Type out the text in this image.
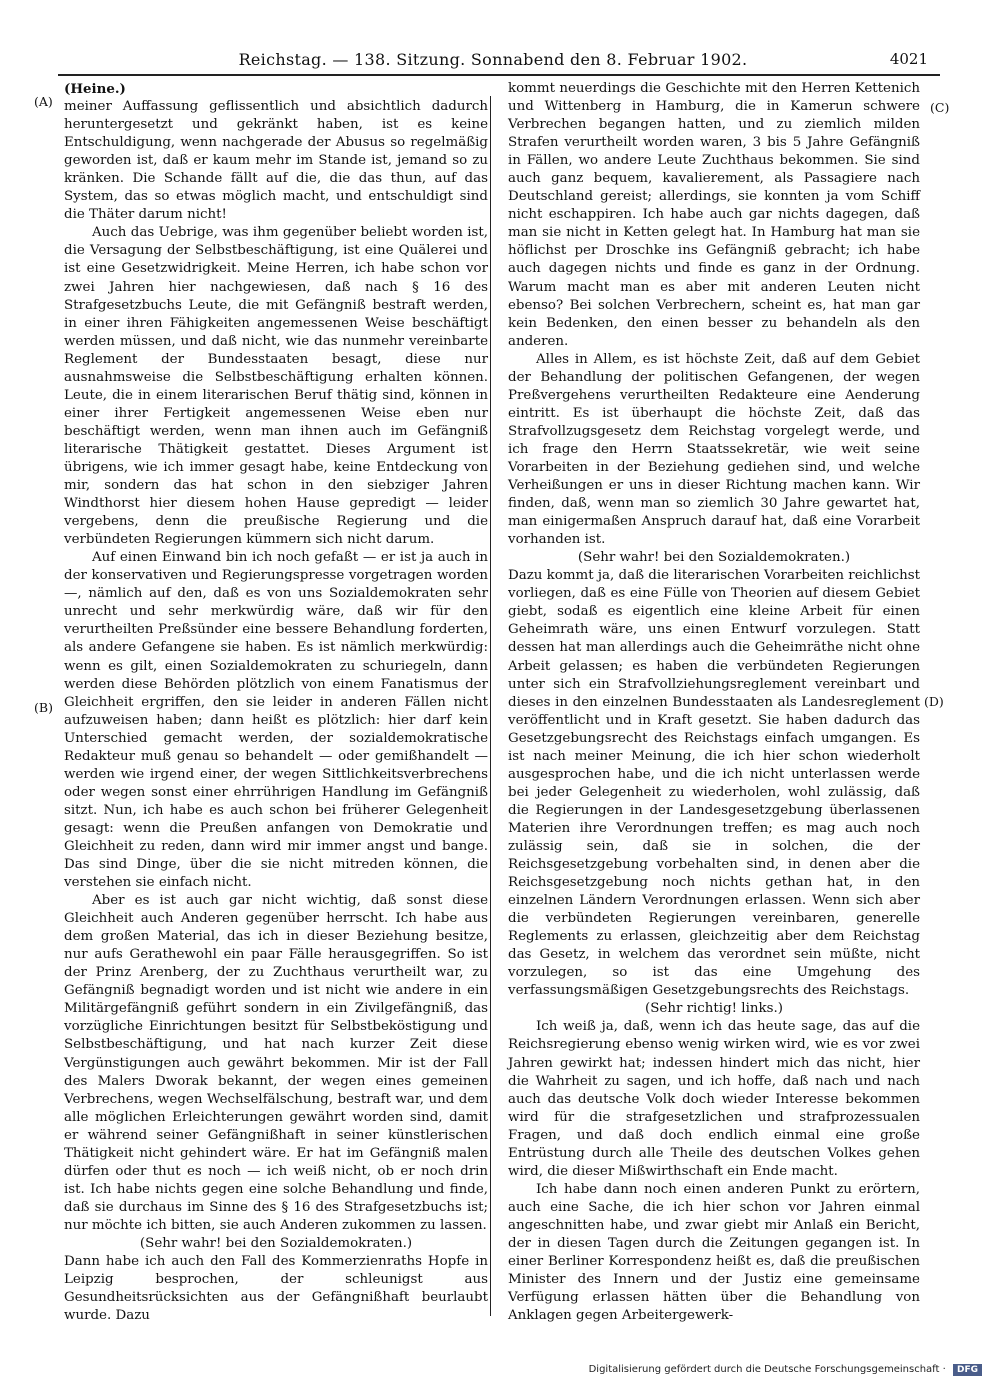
Reichstag. — 138. Sitzung. Sonnabend den 8. Februar 1902.	4021
(A)
(B)
(C)
(D)

(Heine.)

meiner Auffassung geflissentlich und absichtlich dadurch heruntergesetzt und gekränkt haben, ist es keine Entschuldigung, wenn nachgerade der Abusus so regelmäßig geworden ist, daß er kaum mehr im Stande ist, jemand so zu kränken. Die Schande fällt auf die, die das thun, auf das System, das so etwas möglich macht, und entschuldigt sind die Thäter darum nicht!

Auch das Uebrige, was ihm gegenüber beliebt worden ist, die Versagung der Selbstbeschäftigung, ist eine Quälerei und ist eine Gesetzwidrigkeit. Meine Herren, ich habe schon vor zwei Jahren hier nachgewiesen, daß nach § 16 des Strafgesetzbuchs Leute, die mit Gefängniß bestraft werden, in einer ihren Fähigkeiten angemessenen Weise beschäftigt werden müssen, und daß nicht, wie das nunmehr vereinbarte Reglement der Bundesstaaten besagt, diese nur ausnahmsweise die Selbstbeschäftigung erhalten können. Leute, die in einem literarischen Beruf thätig sind, können in einer ihrer Fertigkeit angemessenen Weise eben nur beschäftigt werden, wenn man ihnen auch im Gefängniß literarische Thätigkeit gestattet. Dieses Argument ist übrigens, wie ich immer gesagt habe, keine Entdeckung von mir, sondern das hat schon in den siebziger Jahren Windthorst hier diesem hohen Hause gepredigt — leider vergebens, denn die preußische Regierung und die verbündeten Regierungen kümmern sich nicht darum.

Auf einen Einwand bin ich noch gefaßt — er ist ja auch in der konservativen und Regierungspresse vorgetragen worden —, nämlich auf den, daß es von uns Sozialdemokraten sehr unrecht und sehr merkwürdig wäre, daß wir für den verurtheilten Preßsünder eine bessere Behandlung forderten, als andere Gefangene sie haben. Es ist nämlich merkwürdig: wenn es gilt, einen Sozialdemokraten zu schuriegeln, dann werden diese Behörden plötzlich von einem Fanatismus der Gleichheit ergriffen, den sie leider in anderen Fällen nicht aufzuweisen haben; dann heißt es plötzlich: hier darf kein Unterschied gemacht werden, der sozialdemokratische Redakteur muß genau so behandelt — oder gemißhandelt — werden wie irgend einer, der wegen Sittlichkeitsverbrechens oder wegen sonst einer ehrrührigen Handlung im Gefängniß sitzt. Nun, ich habe es auch schon bei früherer Gelegenheit gesagt: wenn die Preußen anfangen von Demokratie und Gleichheit zu reden, dann wird mir immer angst und bange. Das sind Dinge, über die sie nicht mitreden können, die verstehen sie einfach nicht.

Aber es ist auch gar nicht wichtig, daß sonst diese Gleichheit auch Anderen gegenüber herrscht. Ich habe aus dem großen Material, das ich in dieser Beziehung besitze, nur aufs Gerathewohl ein paar Fälle herausgegriffen. So ist der Prinz Arenberg, der zu Zuchthaus verurtheilt war, zu Gefängniß begnadigt worden und ist nicht wie andere in ein Militärgefängniß geführt sondern in ein Zivilgefängniß, das vorzügliche Einrichtungen besitzt für Selbstbeköstigung und Selbstbeschäftigung, und hat nach kurzer Zeit diese Vergünstigungen auch gewährt bekommen. Mir ist der Fall des Malers Dworak bekannt, der wegen eines gemeinen Verbrechens, wegen Wechselfälschung, bestraft war, und dem alle möglichen Erleichterungen gewährt worden sind, damit er während seiner Gefängnißhaft in seiner künstlerischen Thätigkeit nicht gehindert wäre. Er hat im Gefängniß malen dürfen oder thut es noch — ich weiß nicht, ob er noch drin ist. Ich habe nichts gegen eine solche Behandlung und finde, daß sie durchaus im Sinne des § 16 des Strafgesetzbuchs ist; nur möchte ich bitten, sie auch Anderen zukommen zu lassen.

(Sehr wahr! bei den Sozialdemokraten.)

Dann habe ich auch den Fall des Kommerzienraths Hopfe in Leipzig besprochen, der schleunigst aus Gesundheitsrücksichten aus der Gefängnißhaft beurlaubt wurde. Dazu

kommt neuerdings die Geschichte mit den Herren Kettenich und Wittenberg in Hamburg, die in Kamerun schwere Verbrechen begangen hatten, und zu ziemlich milden Strafen verurtheilt worden waren, 3 bis 5 Jahre Gefängniß in Fällen, wo andere Leute Zuchthaus bekommen. Sie sind auch ganz bequem, kavalierement, als Passagiere nach Deutschland gereist; allerdings, sie konnten ja vom Schiff nicht eschappiren. Ich habe auch gar nichts dagegen, daß man sie nicht in Ketten gelegt hat. In Hamburg hat man sie höflichst per Droschke ins Gefängniß gebracht; ich habe auch dagegen nichts und finde es ganz in der Ordnung. Warum macht man es aber mit anderen Leuten nicht ebenso? Bei solchen Verbrechern, scheint es, hat man gar kein Bedenken, den einen besser zu behandeln als den anderen.

Alles in Allem, es ist höchste Zeit, daß auf dem Gebiet der Behandlung der politischen Gefangenen, der wegen Preßvergehens verurtheilten Redakteure eine Aenderung eintritt. Es ist überhaupt die höchste Zeit, daß das Strafvollzugsgesetz dem Reichstag vorgelegt werde, und ich frage den Herrn Staatssekretär, wie weit seine Vorarbeiten in der Beziehung gediehen sind, und welche Verheißungen er uns in dieser Richtung machen kann. Wir finden, daß, wenn man so ziemlich 30 Jahre gewartet hat, man einigermaßen Anspruch darauf hat, daß eine Vorarbeit vorhanden ist.

(Sehr wahr! bei den Sozialdemokraten.)

Dazu kommt ja, daß die literarischen Vorarbeiten reichlichst vorliegen, daß es eine Fülle von Theorien auf diesem Gebiet giebt, sodaß es eigentlich eine kleine Arbeit für einen Geheimrath wäre, uns einen Entwurf vorzulegen. Statt dessen hat man allerdings auch die Geheimräthe nicht ohne Arbeit gelassen; es haben die verbündeten Regierungen unter sich ein Strafvollziehungsreglement vereinbart und dieses in den einzelnen Bundesstaaten als Landesreglement veröffentlicht und in Kraft gesetzt. Sie haben dadurch das Gesetzgebungsrecht des Reichstags einfach umgangen. Es ist nach meiner Meinung, die ich hier schon wiederholt ausgesprochen habe, und die ich nicht unterlassen werde bei jeder Gelegenheit zu wiederholen, wohl zulässig, daß die Regierungen in der Landesgesetzgebung überlassenen Materien ihre Verordnungen treffen; es mag auch noch zulässig sein, daß sie in solchen, die der Reichsgesetzgebung vorbehalten sind, in denen aber die Reichsgesetzgebung noch nichts gethan hat, in den einzelnen Ländern Verordnungen erlassen. Wenn sich aber die verbündeten Regierungen vereinbaren, generelle Reglements zu erlassen, gleichzeitig aber dem Reichstag das Gesetz, in welchem das verordnet sein müßte, nicht vorzulegen, so ist das eine Umgehung des verfassungsmäßigen Gesetzgebungsrechts des Reichstags.

(Sehr richtig! links.)

Ich weiß ja, daß, wenn ich das heute sage, das auf die Reichsregierung ebenso wenig wirken wird, wie es vor zwei Jahren gewirkt hat; indessen hindert mich das nicht, hier die Wahrheit zu sagen, und ich hoffe, daß nach und nach auch das deutsche Volk doch wieder Interesse bekommen wird für die strafgesetzlichen und strafprozessualen Fragen, und daß doch endlich einmal eine große Entrüstung durch alle Theile des deutschen Volkes gehen wird, die dieser Mißwirthschaft ein Ende macht.

Ich habe dann noch einen anderen Punkt zu erörtern, auch eine Sache, die ich hier schon vor Jahren einmal angeschnitten habe, und zwar giebt mir Anlaß ein Bericht, der in diesen Tagen durch die Zeitungen gegangen ist. In einer Berliner Korrespondenz heißt es, daß die preußischen Minister des Innern und der Justiz eine gemeinsame Verfügung erlassen hätten über die Behandlung von Anklagen gegen Arbeitergewerk-

Digitalisierung gefördert durch die Deutsche Forschungsgemeinschaft · DFG
